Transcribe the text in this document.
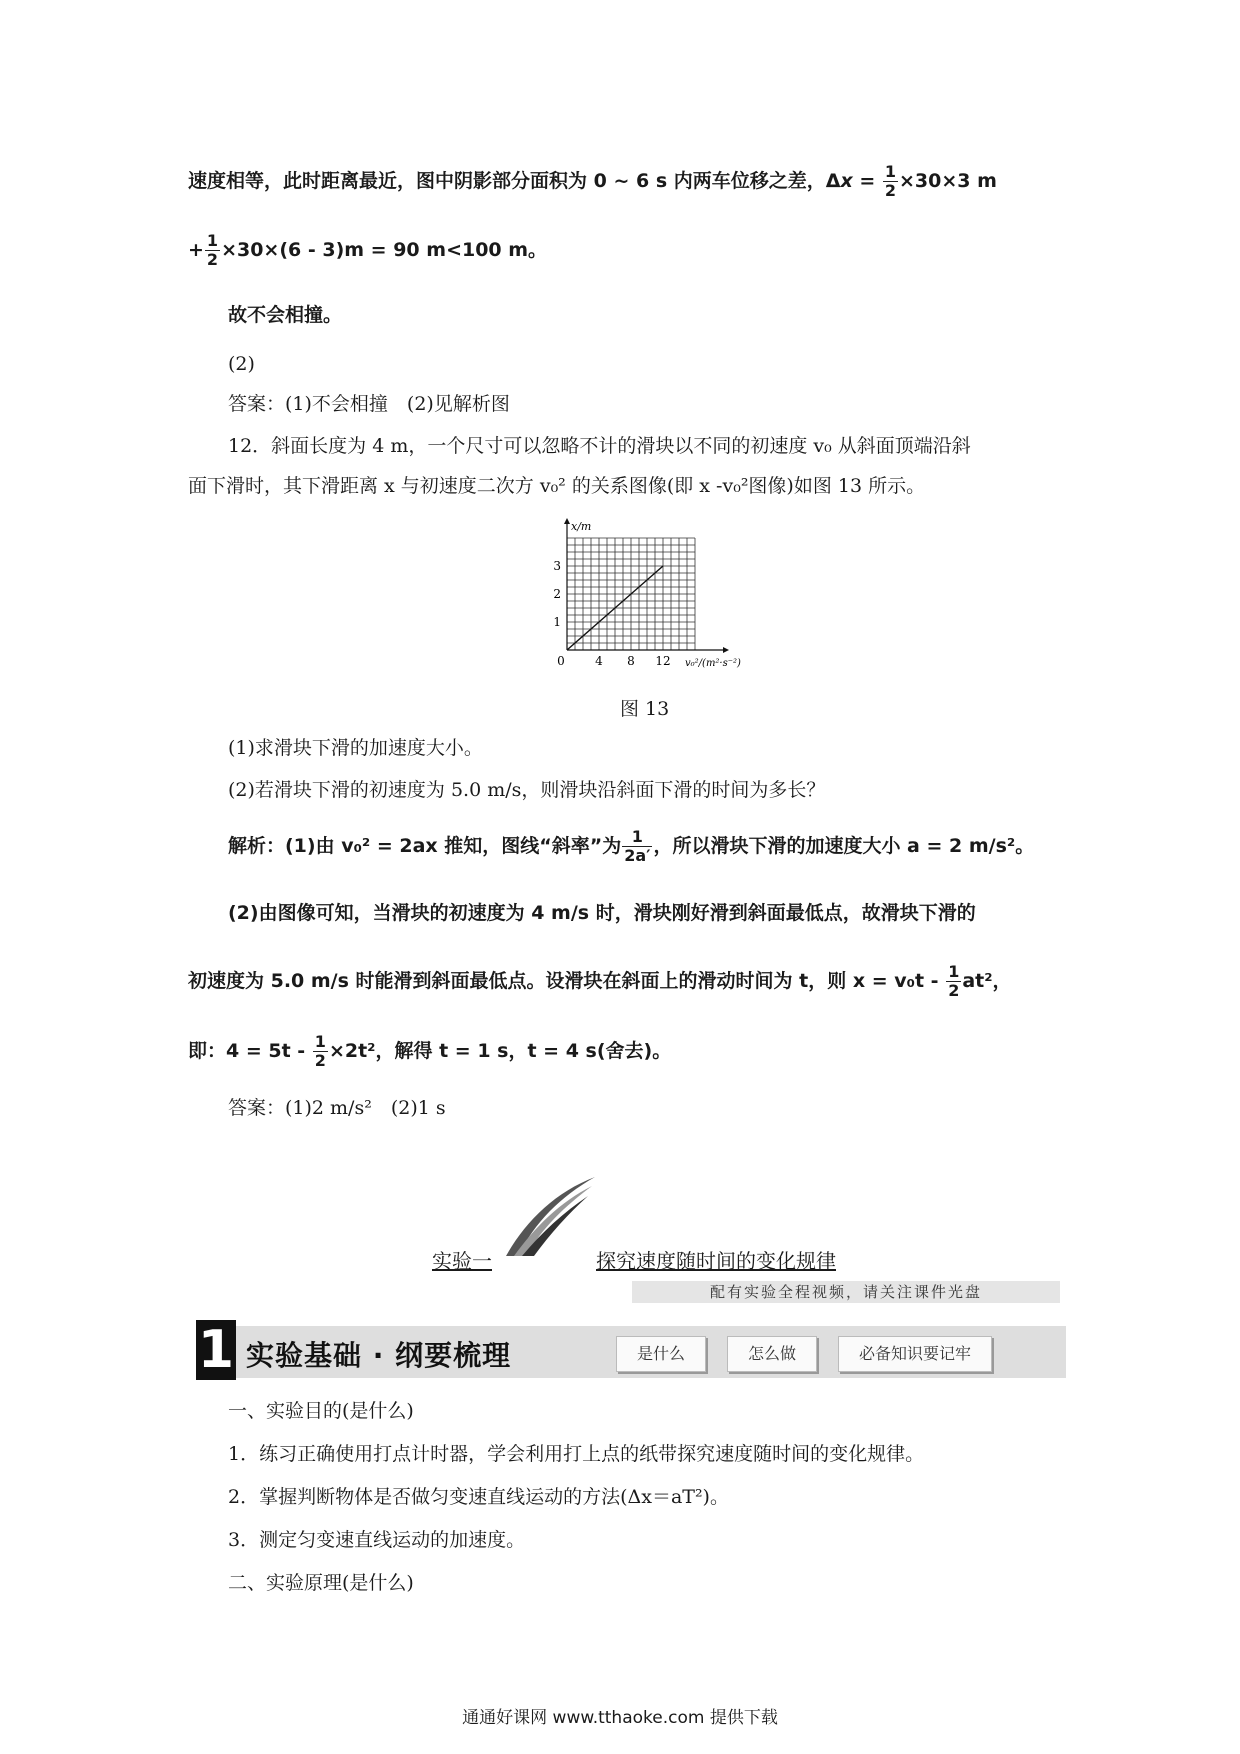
速度相等，此时距离最近，图中阴影部分面积为 0 ~ 6 s 内两车位移之差，$\Delta x = \frac{1}{2} \times 30\times 3$ m
+ $\frac{1}{2} \times 30\times(6 - 3)m = 90$ m<100 m。
故不会相撞。
(2)
答案：(1)不会相撞　(2)见解析图
12．斜面长度为 4 m，一个尺寸可以忽略不计的滑块以不同的初速度 v₀ 从斜面顶端沿斜
面下滑时，其下滑距离 x 与初速度二次方 v₀² 的关系图像(即 x -v₀²图像)如图 13 所示。
0	4 8 12
1
2
3
v₀²/(m²·s⁻²)
x/m
图 13
(1)求滑块下滑的加速度大小。
(2)若滑块下滑的初速度为 5.0 m/s，则滑块沿斜面下滑的时间为多长？
解析：(1)由 v₀² = 2ax 推知，图线“斜率”为 $\frac{1}{2a'}$ ，所以滑块下滑的加速度大小 a = 2 m/s²。
(2)由图像可知，当滑块的初速度为 4 m/s 时，滑块刚好滑到斜面最低点，故滑块下滑的
初速度为 5.0 m/s 时能滑到斜面最低点。设滑块在斜面上的滑动时间为 t，则 $x = v_0t - \frac{1}{2} at^2$，
即：$4 = 5t - \frac{1}{2} \times 2t^2$，解得 t = 1 s，t = 4 s(舍去)。
答案：(1)2 m/s²　(2)1 s
实验一	探究速度随时间的变化规律
配有实验全程视频，请关注课件光盘
1 实验基础 · 纲要梳理	是什么	怎么做	必备知识要记牢
一、实验目的(是什么)
1．练习正确使用打点计时器，学会利用打上点的纸带探究速度随时间的变化规律。
2．掌握判断物体是否做匀变速直线运动的方法(Δx＝aT²)。
3．测定匀变速直线运动的加速度。
二、实验原理(是什么)
通通好课网 www.tthaoke.com 提供下载
